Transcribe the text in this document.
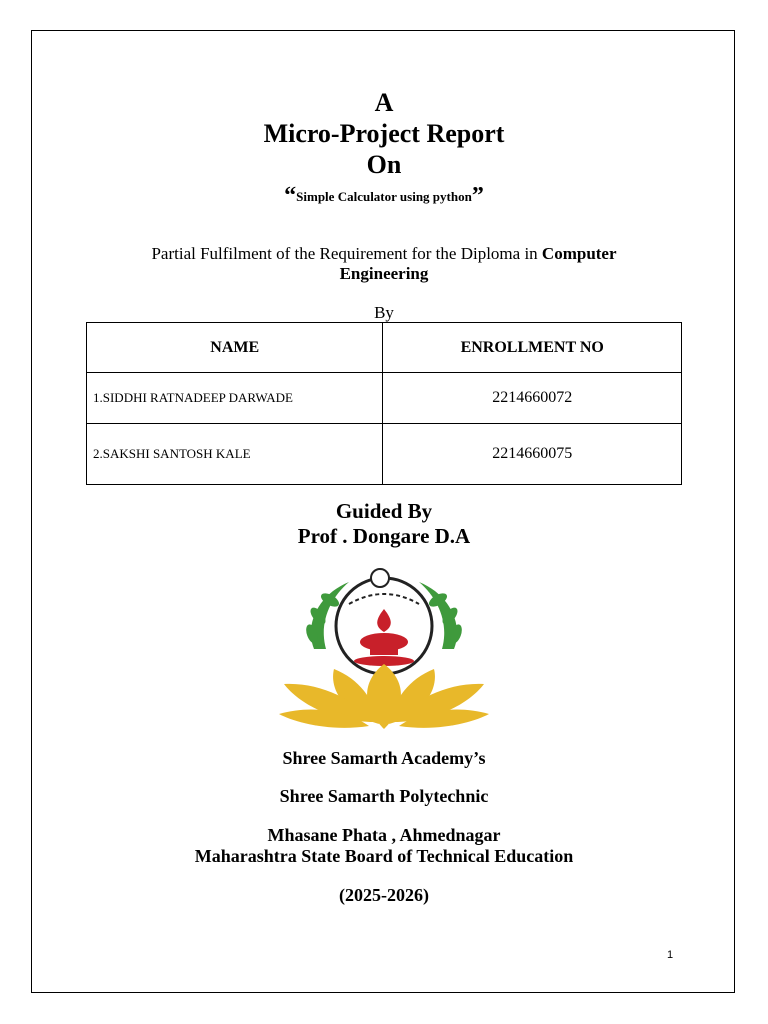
A
Micro-Project Report
On
“Simple Calculator using python”
Partial Fulfilment of the Requirement for the Diploma in Computer
Engineering
By
NAME	ENROLLMENT NO
1.SIDDHI RATNADEEP DARWADE	2214660072
2.SAKSHI SANTOSH KALE	2214660075
Guided By
Prof . Dongare D.A
Shree Samarth Academy’s
Shree Samarth Polytechnic
Mhasane Phata , Ahmednagar
Maharashtra State Board of Technical Education
(2025-2026)
1
